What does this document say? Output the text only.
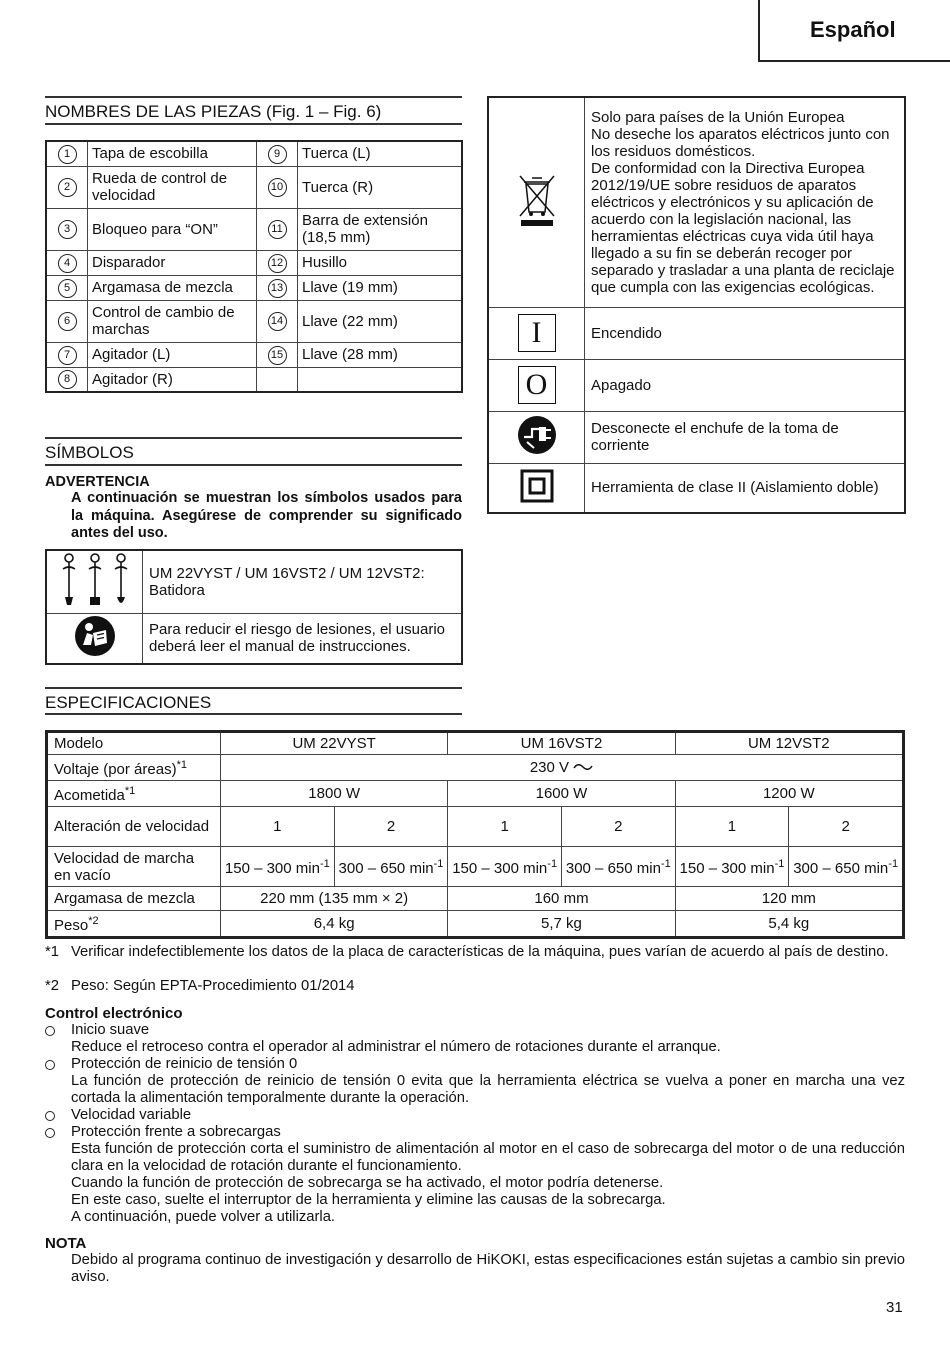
Español
NOMBRES DE LAS PIEZAS (Fig. 1 – Fig. 6)
1	Tapa de escobilla	9	Tuerca (L)
2	Rueda de control de velocidad	10	Tuerca (R)
3	Bloqueo para “ON”	11	Barra de extensión (18,5 mm)
4	Disparador	12	Husillo
5	Argamasa de mezcla	13	Llave (19 mm)
6	Control de cambio de marchas	14	Llave (22 mm)
7	Agitador (L)	15	Llave (28 mm)
8	Agitador (R)		
SÍMBOLOS
ADVERTENCIA
A continuación se muestran los símbolos usados para la máquina. Asegúrese de comprender su significado antes del uso.
	UM 22VYST / UM 16VST2 / UM 12VST2: Batidora
	Para reducir el riesgo de lesiones, el usuario deberá leer el manual de instrucciones.
	Solo para países de la Unión Europea
No deseche los aparatos eléctricos junto con los residuos domésticos.
De conformidad con la Directiva Europea 2012/19/UE sobre residuos de aparatos eléctricos y electrónicos y su aplicación de acuerdo con la legislación nacional, las herramientas eléctricas cuya vida útil haya llegado a su fin se deberán recoger por separado y trasladar a una planta de reciclaje que cumpla con las exigencias ecológicas.
I	Encendido
O	Apagado
	Desconecte el enchufe de la toma de corriente
	Herramienta de clase II (Aislamiento doble)
ESPECIFICACIONES
Modelo	UM 22VYST		UM 16VST2		UM 12VST2	
Voltaje (por áreas)$^{*1}$	230 V					
Acometida$^{*1}$	1800 W		1600 W		1200 W	
Alteración de velocidad	1	2	1	2	1	2
Velocidad de marcha en vacío	150 – 300 $\min^{-1}$	300 – 650 $\min^{-1}$	150 – 300 $\min^{-1}$	300 – 650 $\min^{-1}$	150 – 300 $\min^{-1}$	300 – 650 $\min^{-1}$
Argamasa de mezcla	220 mm (135 mm × 2)		160 mm		120 mm	
Peso$^{*2}$	6,4 kg		5,7 kg		5,4 kg	
*1 Verificar indefectiblemente los datos de la placa de características de la máquina, pues varían de acuerdo al país de destino.
*2 Peso: Según EPTA-Procedimiento 01/2014
Control electrónico
Inicio suave
Reduce el retroceso contra el operador al administrar el número de rotaciones durante el arranque.
Protección de reinicio de tensión 0
La función de protección de reinicio de tensión 0 evita que la herramienta eléctrica se vuelva a poner en marcha una vez cortada la alimentación temporalmente durante la operación.
Velocidad variable
Protección frente a sobrecargas
Esta función de protección corta el suministro de alimentación al motor en el caso de sobrecarga del motor o de una reducción clara en la velocidad de rotación durante el funcionamiento.
Cuando la función de protección de sobrecarga se ha activado, el motor podría detenerse.
En este caso, suelte el interruptor de la herramienta y elimine las causas de la sobrecarga.
A continuación, puede volver a utilizarla.
NOTA
Debido al programa continuo de investigación y desarrollo de HiKOKI, estas especificaciones están sujetas a cambio sin previo aviso.
31
